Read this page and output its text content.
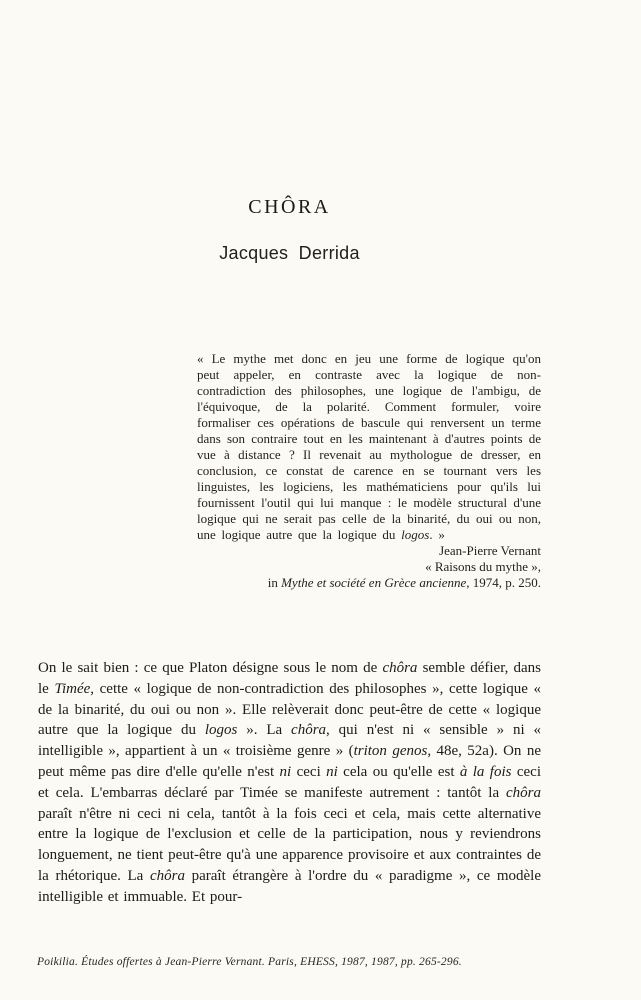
CHÔRA
Jacques Derrida

« Le mythe met donc en jeu une forme de logique qu'on peut appeler, en contraste avec la logique de non-contradiction des philosophes, une logique de l'ambigu, de l'équivoque, de la polarité. Comment formuler, voire formaliser ces opérations de bascule qui renversent un terme dans son contraire tout en les maintenant à d'autres points de vue à distance ? Il revenait au mythologue de dresser, en conclusion, ce constat de carence en se tournant vers les linguistes, les logiciens, les mathématiciens pour qu'ils lui fournissent l'outil qui lui manque : le modèle structural d'une logique qui ne serait pas celle de la binarité, du oui ou non, une logique autre que la logique du logos. »

Jean-Pierre Vernant
« Raisons du mythe »,
in Mythe et société en Grèce ancienne, 1974, p. 250.

On le sait bien : ce que Platon désigne sous le nom de chôra semble défier, dans le Timée, cette « logique de non-contradiction des philosophes », cette logique « de la binarité, du oui ou non ». Elle relèverait donc peut-être de cette « logique autre que la logique du logos ». La chôra, qui n'est ni « sensible » ni « intelligible », appartient à un « troisième genre » (triton genos, 48e, 52a). On ne peut même pas dire d'elle qu'elle n'est ni ceci ni cela ou qu'elle est à la fois ceci et cela. L'embarras déclaré par Timée se manifeste autrement : tantôt la chôra paraît n'être ni ceci ni cela, tantôt à la fois ceci et cela, mais cette alternative entre la logique de l'exclusion et celle de la participation, nous y reviendrons longuement, ne tient peut-être qu'à une apparence provisoire et aux contraintes de la rhétorique. La chôra paraît étrangère à l'ordre du « paradigme », ce modèle intelligible et immuable. Et pour-

Poikilia. Études offertes à Jean-Pierre Vernant. Paris, EHESS, 1987, 1987, pp. 265-296.
